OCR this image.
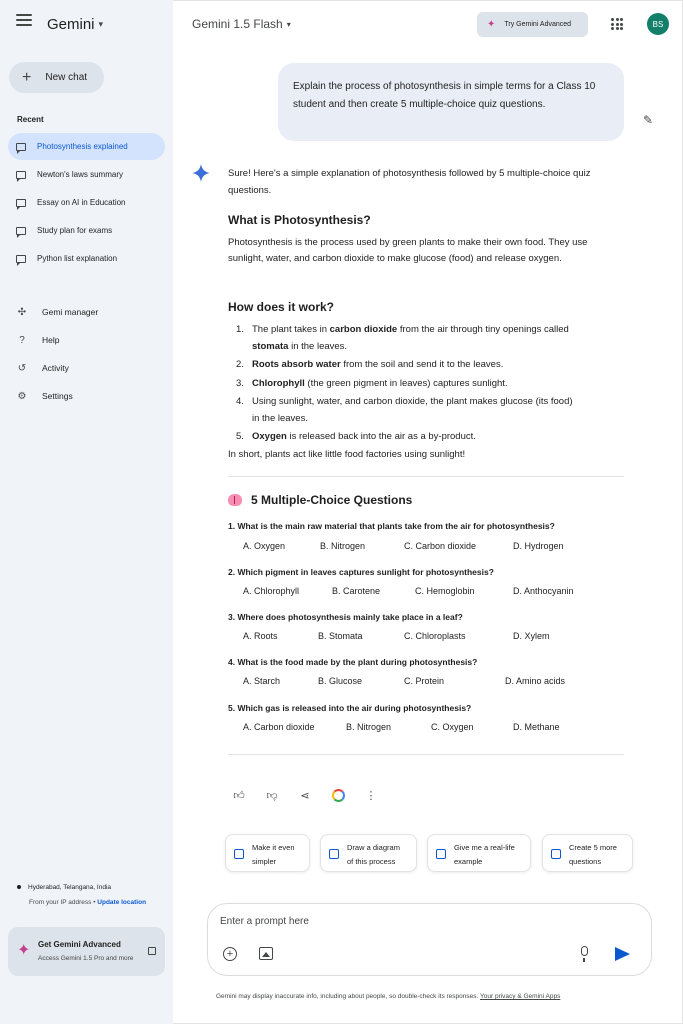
Gemini ▾
+ New chat
Recent
Photosynthesis explained
Newton's laws summary
Essay on AI in Education
Study plan for exams
Python list explanation
✣ Gemi manager
?	Help
↺ Activity
⚙ Settings
Hyderabad, Telangana, India
From your IP address • Update location
✦ Get Gemini Advanced
Access Gemini 1.5 Pro and more
Gemini 1.5 Flash ▾	✦ Try Gemini Advanced	BS
Explain the process of photosynthesis in simple terms for a Class 10 student and then create 5 multiple-choice quiz questions.
✎
Sure! Here's a simple explanation of photosynthesis followed by 5 multiple-choice quiz questions.
What is Photosynthesis?
Photosynthesis is the process used by green plants to make their own food. They use sunlight, water, and carbon dioxide to make glucose (food) and release oxygen.
How does it work?
1. The plant takes in carbon dioxide from the air through tiny openings called stomata in the leaves.
2. Roots absorb water from the soil and send it to the leaves.
3. Chlorophyll (the green pigment in leaves) captures sunlight.
4. Using sunlight, water, and carbon dioxide, the plant makes glucose (its food) in the leaves.
5. Oxygen is released back into the air as a by-product.
In short, plants act like little food factories using sunlight!
5 Multiple-Choice Questions
1. What is the main raw material that plants take from the air for photosynthesis?
A. Oxygen	B. Nitrogen	C. Carbon dioxide	D. Hydrogen
2. Which pigment in leaves captures sunlight for photosynthesis?
A. Chlorophyll	B. Carotene	C. Hemoglobin	D. Anthocyanin
3. Where does photosynthesis mainly take place in a leaf?
A. Roots	B. Stomata	C. Chloroplasts	D. Xylem
4. What is the food made by the plant during photosynthesis?
A. Starch	B. Glucose	C. Protein	D. Amino acids
5. Which gas is released into the air during photosynthesis?
A. Carbon dioxide	B. Nitrogen	C. Oxygen	D. Methane
👍︎ 👎︎	⋖	⋮
Make it even
simpler
Draw a diagram
of this process
Give me a real-life
example
Create 5 more
questions
Enter a prompt here
+
Gemini may display inaccurate info, including about people, so double-check its responses. Your privacy & Gemini Apps
